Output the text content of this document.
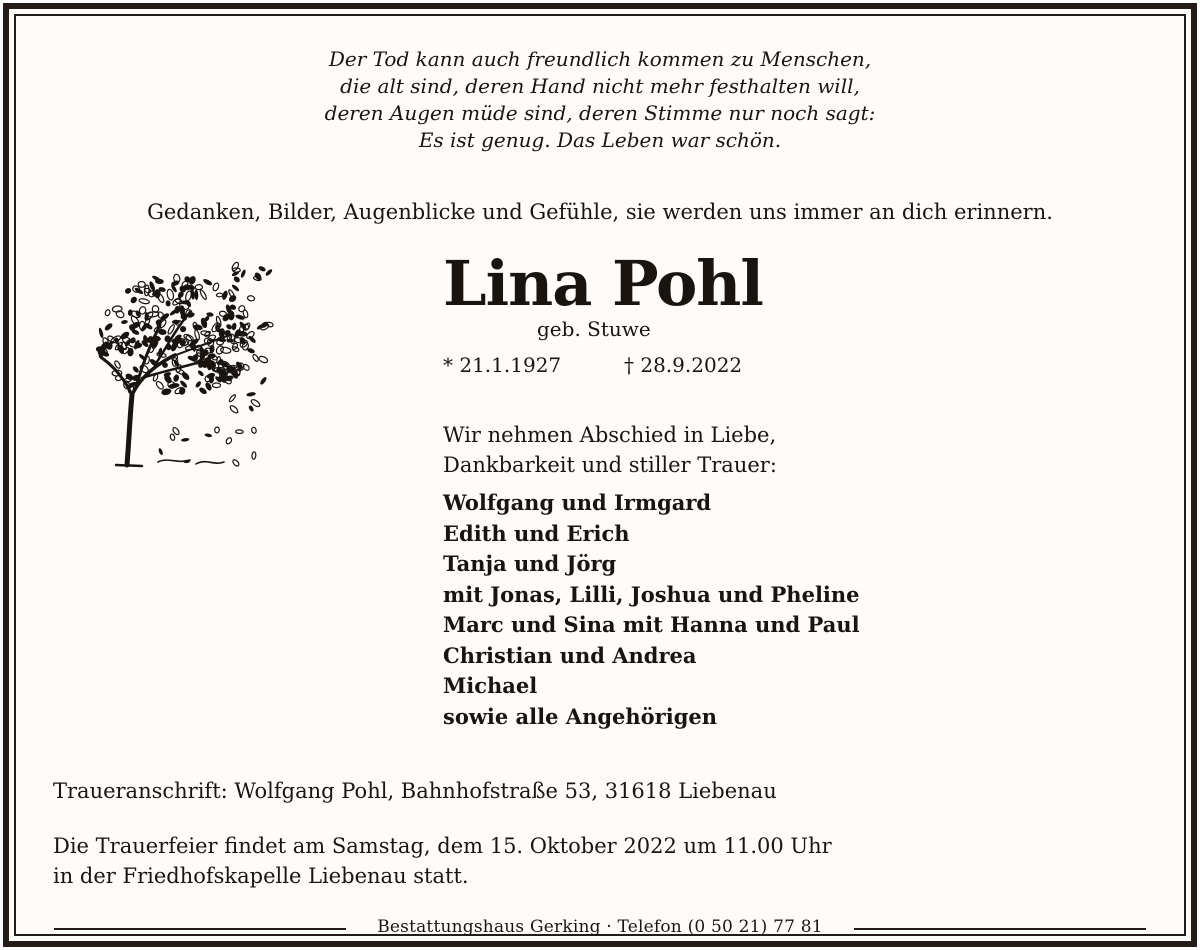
Der Tod kann auch freundlich kommen zu Menschen,
die alt sind, deren Hand nicht mehr festhalten will,
deren Augen müde sind, deren Stimme nur noch sagt:
Es ist genug. Das Leben war schön.
Gedanken, Bilder, Augenblicke und Gefühle, sie werden uns immer an dich erinnern.
Lina Pohl
geb. Stuwe
* 21.1.1927	† 28.9.2022
Wir nehmen Abschied in Liebe,
Dankbarkeit und stiller Trauer:
Wolfgang und Irmgard
Edith und Erich
Tanja und Jörg
mit Jonas, Lilli, Joshua und Pheline
Marc und Sina mit Hanna und Paul
Christian und Andrea
Michael
sowie alle Angehörigen
Traueranschrift: Wolfgang Pohl, Bahnhofstraße 53, 31618 Liebenau
Die Trauerfeier findet am Samstag, dem 15. Oktober 2022 um 11.00 Uhr
in der Friedhofskapelle Liebenau statt.
Bestattungshaus Gerking · Telefon (0 50 21) 77 81
